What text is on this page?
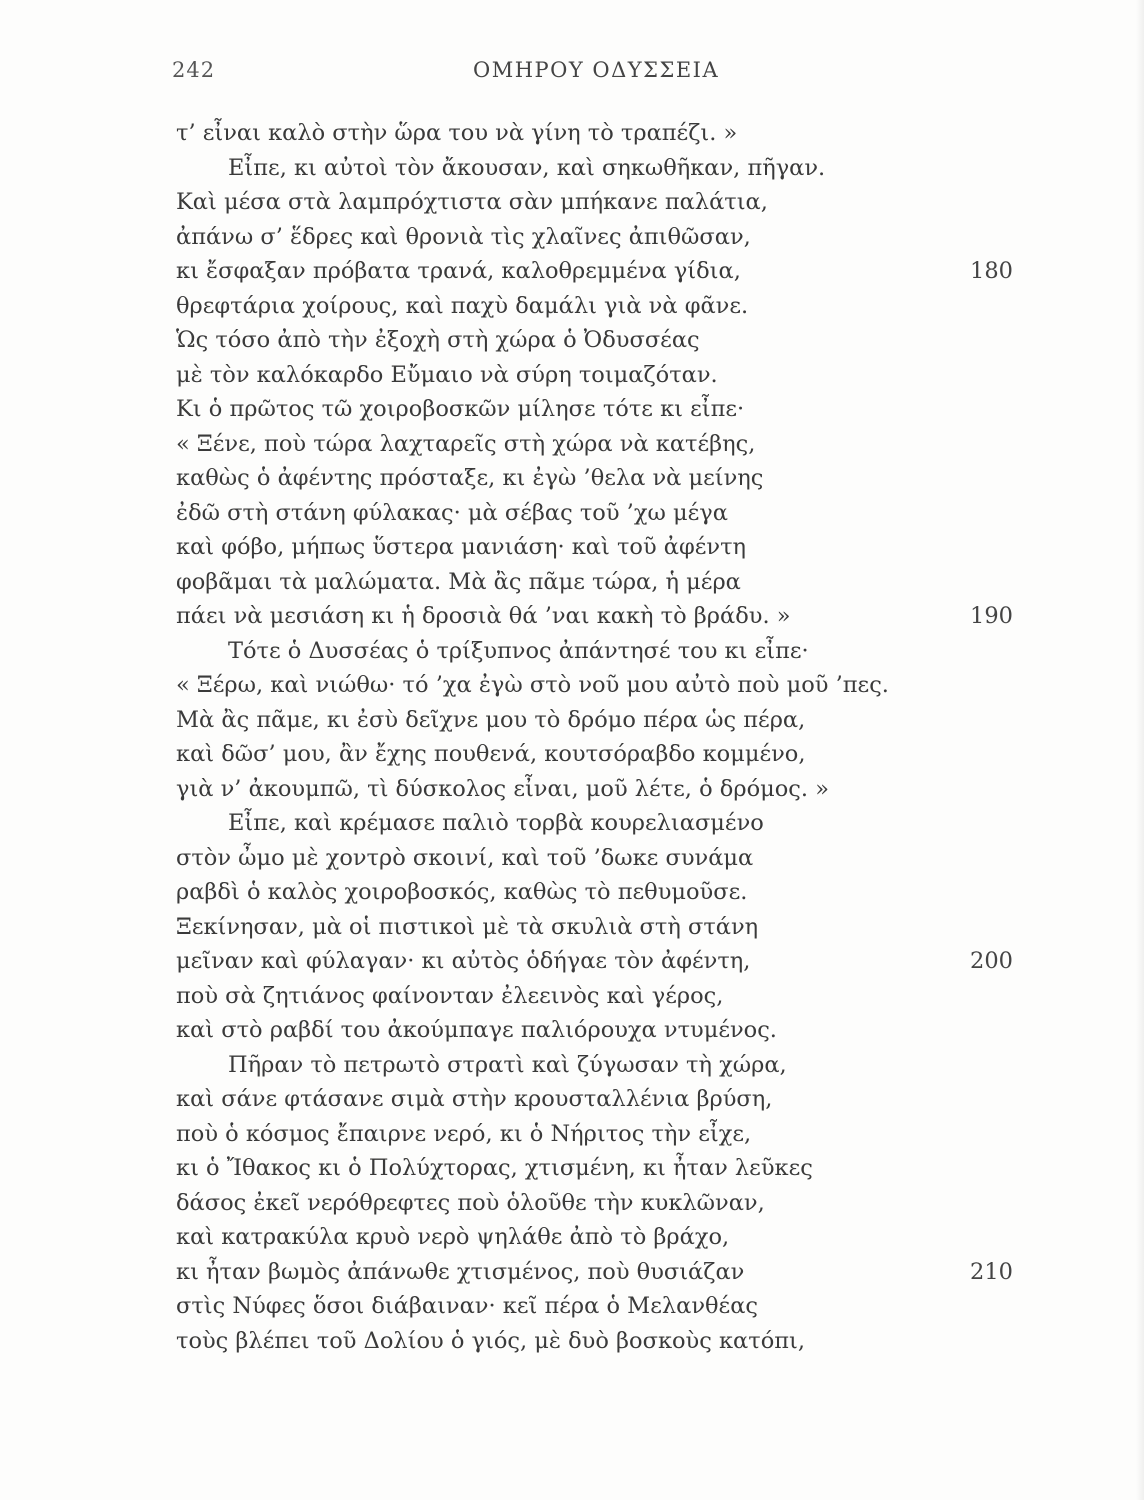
242	ΟΜΗΡΟΥ ΟΔΥΣΣΕΙΑ
τ’ εἶναι καλὸ στὴν ὥρα του νὰ γίνη τὸ τραπέζι. »
Εἶπε, κι αὐτοὶ τὸν ἄκουσαν, καὶ σηκωθῆκαν, πῆγαν.
Καὶ μέσα στὰ λαμπρόχτιστα σὰν μπήκανε παλάτια,
ἀπάνω σ’ ἕδρες καὶ θρονιὰ τὶς χλαῖνες ἀπιθῶσαν,
κι ἔσφαξαν πρόβατα τρανά, καλοθρεμμένα γίδια,	180
θρεφτάρια χοίρους, καὶ παχὺ δαμάλι γιὰ νὰ φᾶνε.
Ὡς τόσο ἀπὸ τὴν ἐξοχὴ στὴ χώρα ὁ Ὀδυσσέας
μὲ τὸν καλόκαρδο Εὔμαιο νὰ σύρη τοιμαζόταν.
Κι ὁ πρῶτος τῶ χοιροβοσκῶν μίλησε τότε κι εἶπε·
« Ξένε, ποὺ τώρα λαχταρεῖς στὴ χώρα νὰ κατέβης,
καθὼς ὁ ἀφέντης πρόσταξε, κι ἐγὼ ’θελα νὰ μείνης
ἐδῶ στὴ στάνη φύλακας· μὰ σέβας τοῦ ’χω μέγα
καὶ φόβο, μήπως ὕστερα μανιάση· καὶ τοῦ ἀφέντη
φοβᾶμαι τὰ μαλώματα. Μὰ ἂς πᾶμε τώρα, ἡ μέρα
πάει νὰ μεσιάση κι ἡ δροσιὰ θά ’ναι κακὴ τὸ βράδυ. »	190
Τότε ὁ Δυσσέας ὁ τρίξυπνος ἀπάντησέ του κι εἶπε·
« Ξέρω, καὶ νιώθω· τό ’χα ἐγὼ στὸ νοῦ μου αὐτὸ ποὺ μοῦ ’πες.
Μὰ ἂς πᾶμε, κι ἐσὺ δεῖχνε μου τὸ δρόμο πέρα ὡς πέρα,
καὶ δῶσ’ μου, ἂν ἔχης πουθενά, κουτσόραβδο κομμένο,
γιὰ ν’ ἀκουμπῶ, τὶ δύσκολος εἶναι, μοῦ λέτε, ὁ δρόμος. »
Εἶπε, καὶ κρέμασε παλιὸ τορβὰ κουρελιασμένο
στὸν ὦμο μὲ χοντρὸ σκοινί, καὶ τοῦ ’δωκε συνάμα
ραβδὶ ὁ καλὸς χοιροβοσκός, καθὼς τὸ πεθυμοῦσε.
Ξεκίνησαν, μὰ οἱ πιστικοὶ μὲ τὰ σκυλιὰ στὴ στάνη
μεῖναν καὶ φύλαγαν· κι αὐτὸς ὁδήγαε τὸν ἀφέντη,	200
ποὺ σὰ ζητιάνος φαίνονταν ἐλεεινὸς καὶ γέρος,
καὶ στὸ ραβδί του ἀκούμπαγε παλιόρουχα ντυμένος.
Πῆραν τὸ πετρωτὸ στρατὶ καὶ ζύγωσαν τὴ χώρα,
καὶ σάνε φτάσανε σιμὰ στὴν κρουσταλλένια βρύση,
ποὺ ὁ κόσμος ἔπαιρνε νερό, κι ὁ Νήριτος τὴν εἶχε,
κι ὁ Ἴθακος κι ὁ Πολύχτορας, χτισμένη, κι ἦταν λεῦκες
δάσος ἐκεῖ νερόθρεφτες ποὺ ὁλοῦθε τὴν κυκλῶναν,
καὶ κατρακύλα κρυὸ νερὸ ψηλάθε ἀπὸ τὸ βράχο,
κι ἦταν βωμὸς ἀπάνωθε χτισμένος, ποὺ θυσιάζαν	210
στὶς Νύφες ὅσοι διάβαιναν· κεῖ πέρα ὁ Μελανθέας
τοὺς βλέπει τοῦ Δολίου ὁ γιός, μὲ δυὸ βοσκοὺς κατόπι,
